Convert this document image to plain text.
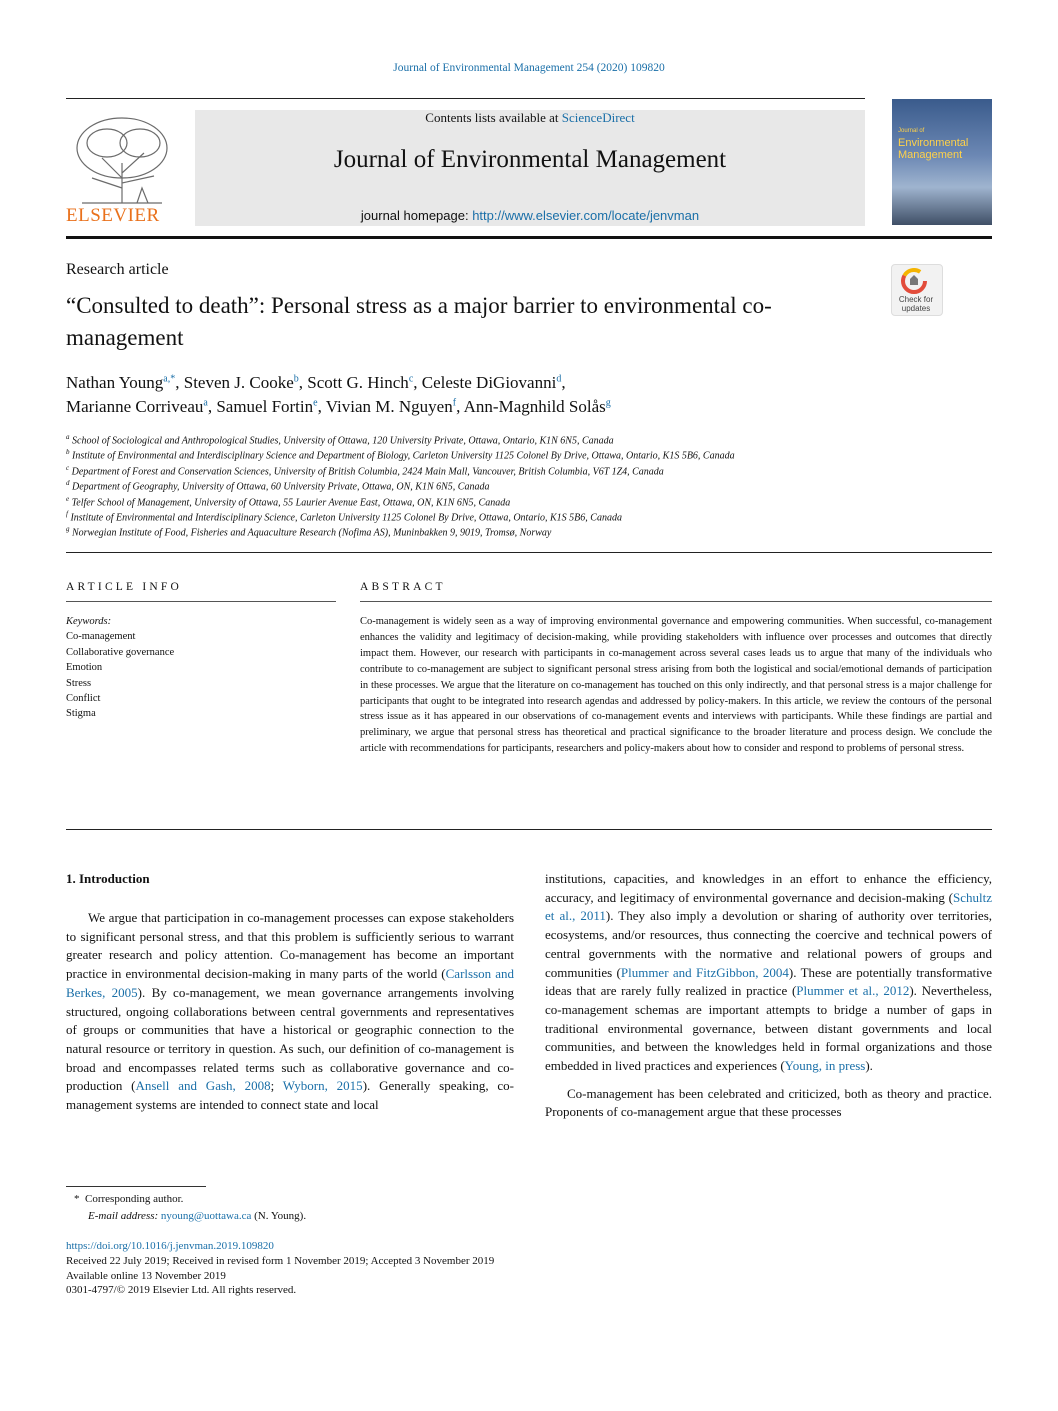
Journal of Environmental Management 254 (2020) 109820
ELSEVIER
Contents lists available at ScienceDirect
Journal of Environmental Management
journal homepage: http://www.elsevier.com/locate/jenvman
Journal of
Environmental Management
Research article
“Consulted to death”: Personal stress as a major barrier to environmental co-management
Check for updates
Nathan Young$^{a,*}$, Steven J. Cooke$^b$, Scott G. Hinch$^c$, Celeste DiGiovanni$^d$,
Marianne Corriveau$^a$, Samuel Fortin$^e$, Vivian M. Nguyen$^f$, Ann-Magnhild Solås$^g$
$^a$ School of Sociological and Anthropological Studies, University of Ottawa, 120 University Private, Ottawa, Ontario, K1N 6N5, Canada
$^b$ Institute of Environmental and Interdisciplinary Science and Department of Biology, Carleton University 1125 Colonel By Drive, Ottawa, Ontario, K1S 5B6, Canada
$^c$ Department of Forest and Conservation Sciences, University of British Columbia, 2424 Main Mall, Vancouver, British Columbia, V6T 1Z4, Canada
$^d$ Department of Geography, University of Ottawa, 60 University Private, Ottawa, ON, K1N 6N5, Canada
$^e$ Telfer School of Management, University of Ottawa, 55 Laurier Avenue East, Ottawa, ON, K1N 6N5, Canada
$^f$ Institute of Environmental and Interdisciplinary Science, Carleton University 1125 Colonel By Drive, Ottawa, Ontario, K1S 5B6, Canada
$^g$ Norwegian Institute of Food, Fisheries and Aquaculture Research (Nofima AS), Muninbakken 9, 9019, Tromsø, Norway
ARTICLE INFO
Keywords:
Co-management
Collaborative governance
Emotion
Stress
Conflict
Stigma
ABSTRACT
Co-management is widely seen as a way of improving environmental governance and empowering communities. When successful, co-management enhances the validity and legitimacy of decision-making, while providing stakeholders with influence over processes and outcomes that directly impact them. However, our research with participants in co-management across several cases leads us to argue that many of the individuals who contribute to co-management are subject to significant personal stress arising from both the logistical and social/emotional demands of participation in these processes. We argue that the literature on co-management has touched on this only indirectly, and that personal stress is a major challenge for participants that ought to be integrated into research agendas and addressed by policy-makers. In this article, we review the contours of the personal stress issue as it has appeared in our observations of co-management events and interviews with participants. While these findings are partial and preliminary, we argue that personal stress has theoretical and practical significance to the broader literature and process design. We conclude the article with recommendations for participants, researchers and policy-makers about how to consider and respond to problems of personal stress.
1. Introduction
We argue that participation in co-management processes can expose stakeholders to significant personal stress, and that this problem is sufficiently serious to warrant greater research and policy attention. Co-management has become an important practice in environmental decision-making in many parts of the world (Carlsson and Berkes, 2005). By co-management, we mean governance arrangements involving structured, ongoing collaborations between central governments and representatives of groups or communities that have a historical or geographic connection to the natural resource or territory in question. As such, our definition of co-management is broad and encompasses related terms such as collaborative governance and co-production (Ansell and Gash, 2008; Wyborn, 2015). Generally speaking, co-management systems are intended to connect state and local
institutions, capacities, and knowledges in an effort to enhance the efficiency, accuracy, and legitimacy of environmental governance and decision-making (Schultz et al., 2011). They also imply a devolution or sharing of authority over territories, ecosystems, and/or resources, thus connecting the coercive and technical powers of central governments with the normative and relational powers of groups and communities (Plummer and FitzGibbon, 2004). These are potentially transformative ideas that are rarely fully realized in practice (Plummer et al., 2012). Nevertheless, co-management schemas are important attempts to bridge a number of gaps in traditional environmental governance, between distant governments and local communities, and between the knowledges held in formal organizations and those embedded in lived practices and experiences (Young, in press).
Co-management has been celebrated and criticized, both as theory and practice. Proponents of co-management argue that these processes
* Corresponding author.
E-mail address: nyoung@uottawa.ca (N. Young).
https://doi.org/10.1016/j.jenvman.2019.109820
Received 22 July 2019; Received in revised form 1 November 2019; Accepted 3 November 2019
Available online 13 November 2019
0301-4797/© 2019 Elsevier Ltd. All rights reserved.
